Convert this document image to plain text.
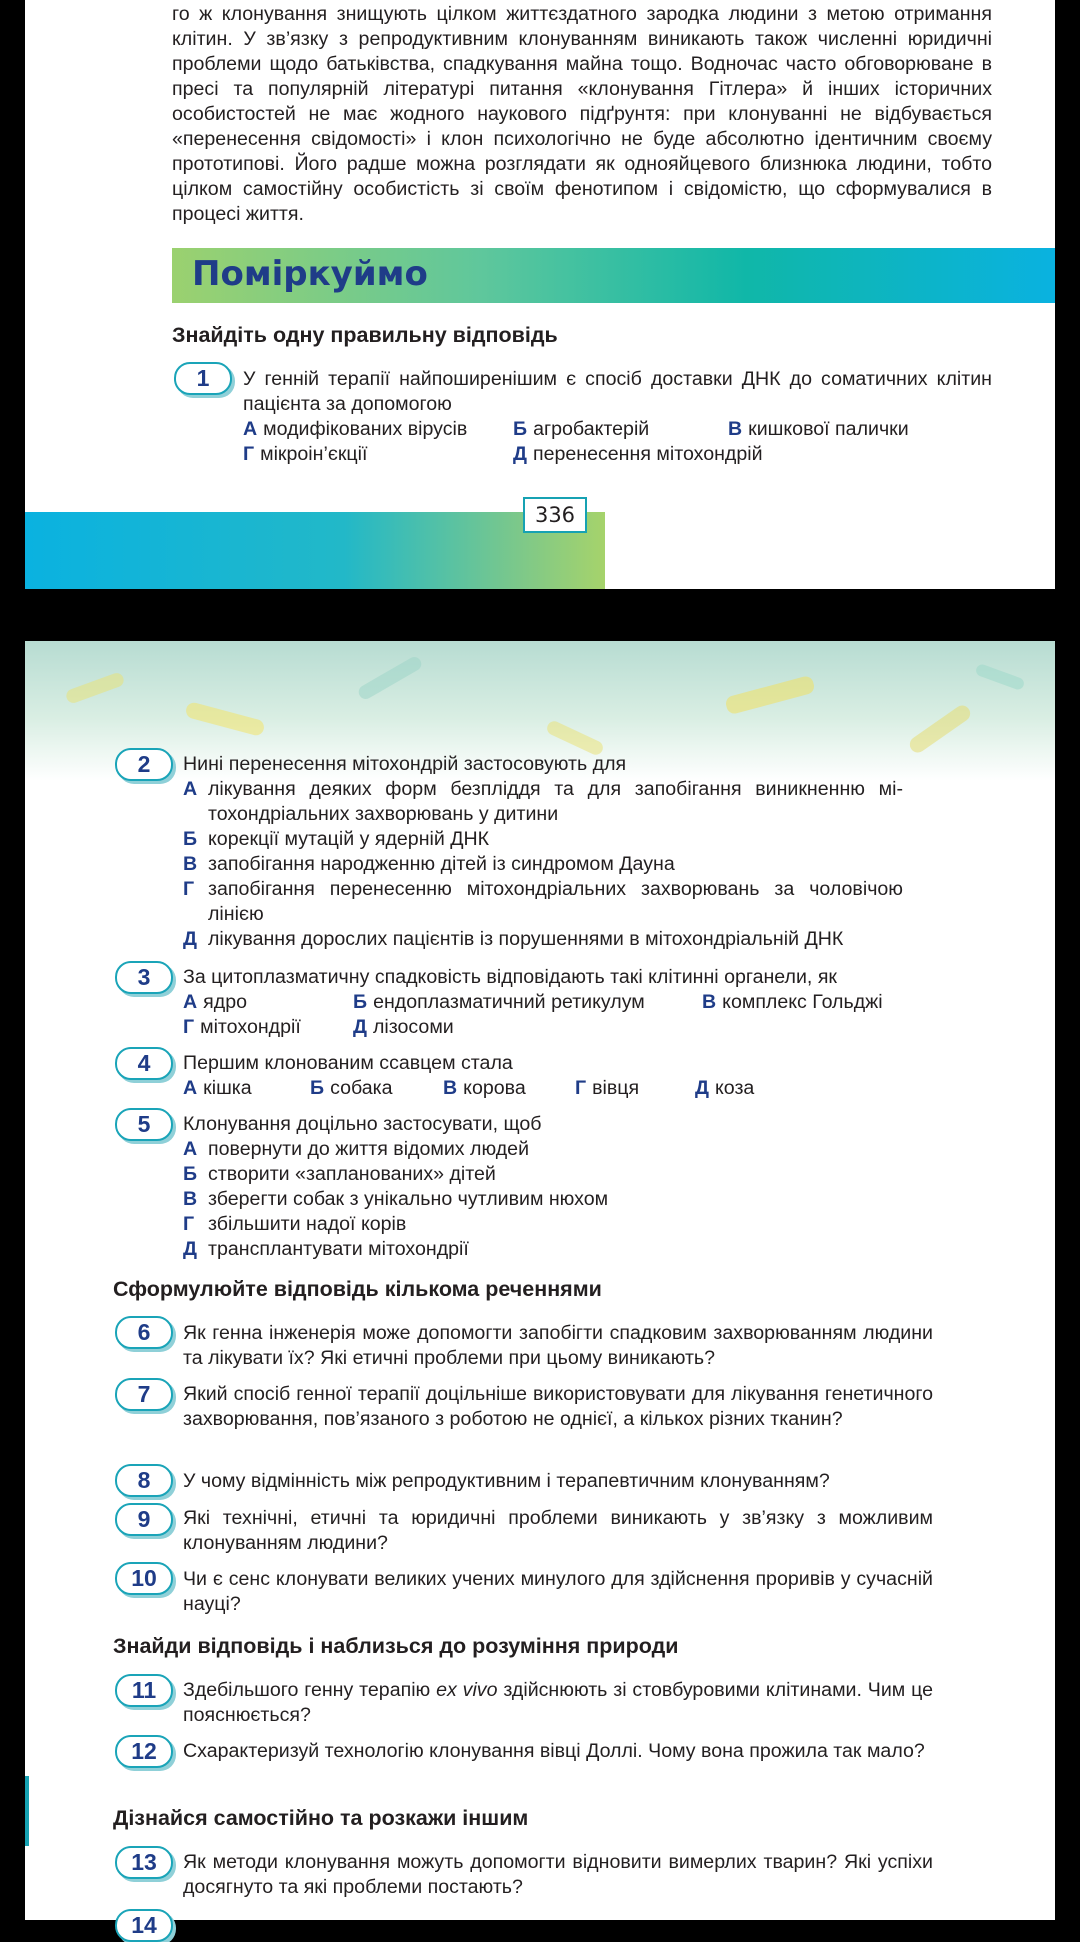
го ж клонування знищують цілком життєздатного зародка людини з метою отримання клітин. У зв’язку з репродуктивним клонуванням виникають також численні юридичні проблеми щодо батьківства, спадкування майна тощо. Водночас часто обговорюване в пресі та популярній літературі питання «клонування Гітлера» й інших історичних особистостей не має жодного наукового підґрунтя: при клонуванні не відбувається «перенесення свідомості» і клон психологічно не буде абсолютно ідентичним своєму прототипові. Його радше можна розглядати як однояйцевого близнюка людини, тобто цілком самостійну особистість зі своїм фенотипом і свідомістю, що сформувалися в процесі життя.

Поміркуймо
Знайдіть одну правильну відповідь
1	У генній терапії найпоширенішим є спосіб доставки ДНК до соматичних клітин пацієнта за допомогою

А модифікованих вірусів Б агробактерій	В кишкової палички
Г мікроін’єкції	Д перенесення мітохондрій
336
2	Нині перенесення мітохондрій застосовують для

А лікування деяких форм безпліддя та для запобігання виникненню мітохондріальних захворювань у дитини
Б корекції мутацій у ядерній ДНК
В запобігання народженню дітей із синдромом Дауна
Г запобігання перенесенню мітохондріальних захворювань за чоловічою лінією
Д лікування дорослих пацієнтів із порушеннями в мітохондріальній ДНК
3	За цитоплазматичну спадковість відповідають такі клітинні органели, як

А ядро	Б ендоплазматичний ретикулум	В комплекс Гольджі
Г мітохондрії	Д лізосоми
4	Першим клонованим ссавцем стала

А кішка	Б собака	В корова	Г вівця	Д коза
5	Клонування доцільно застосувати, щоб

А повернути до життя відомих людей
Б створити «запланованих» дітей
В зберегти собак з унікально чутливим нюхом
Г збільшити надої корів
Д трансплантувати мітохондрії
Сформулюйте відповідь кількома реченнями
6	Як генна інженерія може допомогти запобігти спадковим захворюванням людини та лікувати їх? Які етичні проблеми при цьому виникають?

7	Який спосіб генної терапії доцільніше використовувати для лікування генетичного захворювання, пов’язаного з роботою не однієї, а кількох різних тканин?

8	У чому відмінність між репродуктивним і терапевтичним клонуванням?

9	Які технічні, етичні та юридичні проблеми виникають у зв’язку з можливим клонуванням людини?

10	Чи є сенс клонувати великих учених минулого для здійснення проривів у сучасній науці?

Знайди відповідь і наблизься до розуміння природи
11	Здебільшого генну терапію ex vivo здійснюють зі стовбуровими клітинами. Чим це пояснюється?

12	Схарактеризуй технологію клонування вівці Доллі. Чому вона прожила так мало?

Дізнайся самостійно та розкажи іншим
13	Як методи клонування можуть допомогти відновити вимерлих тварин? Які успіхи досягнуто та які проблеми постають?

14
